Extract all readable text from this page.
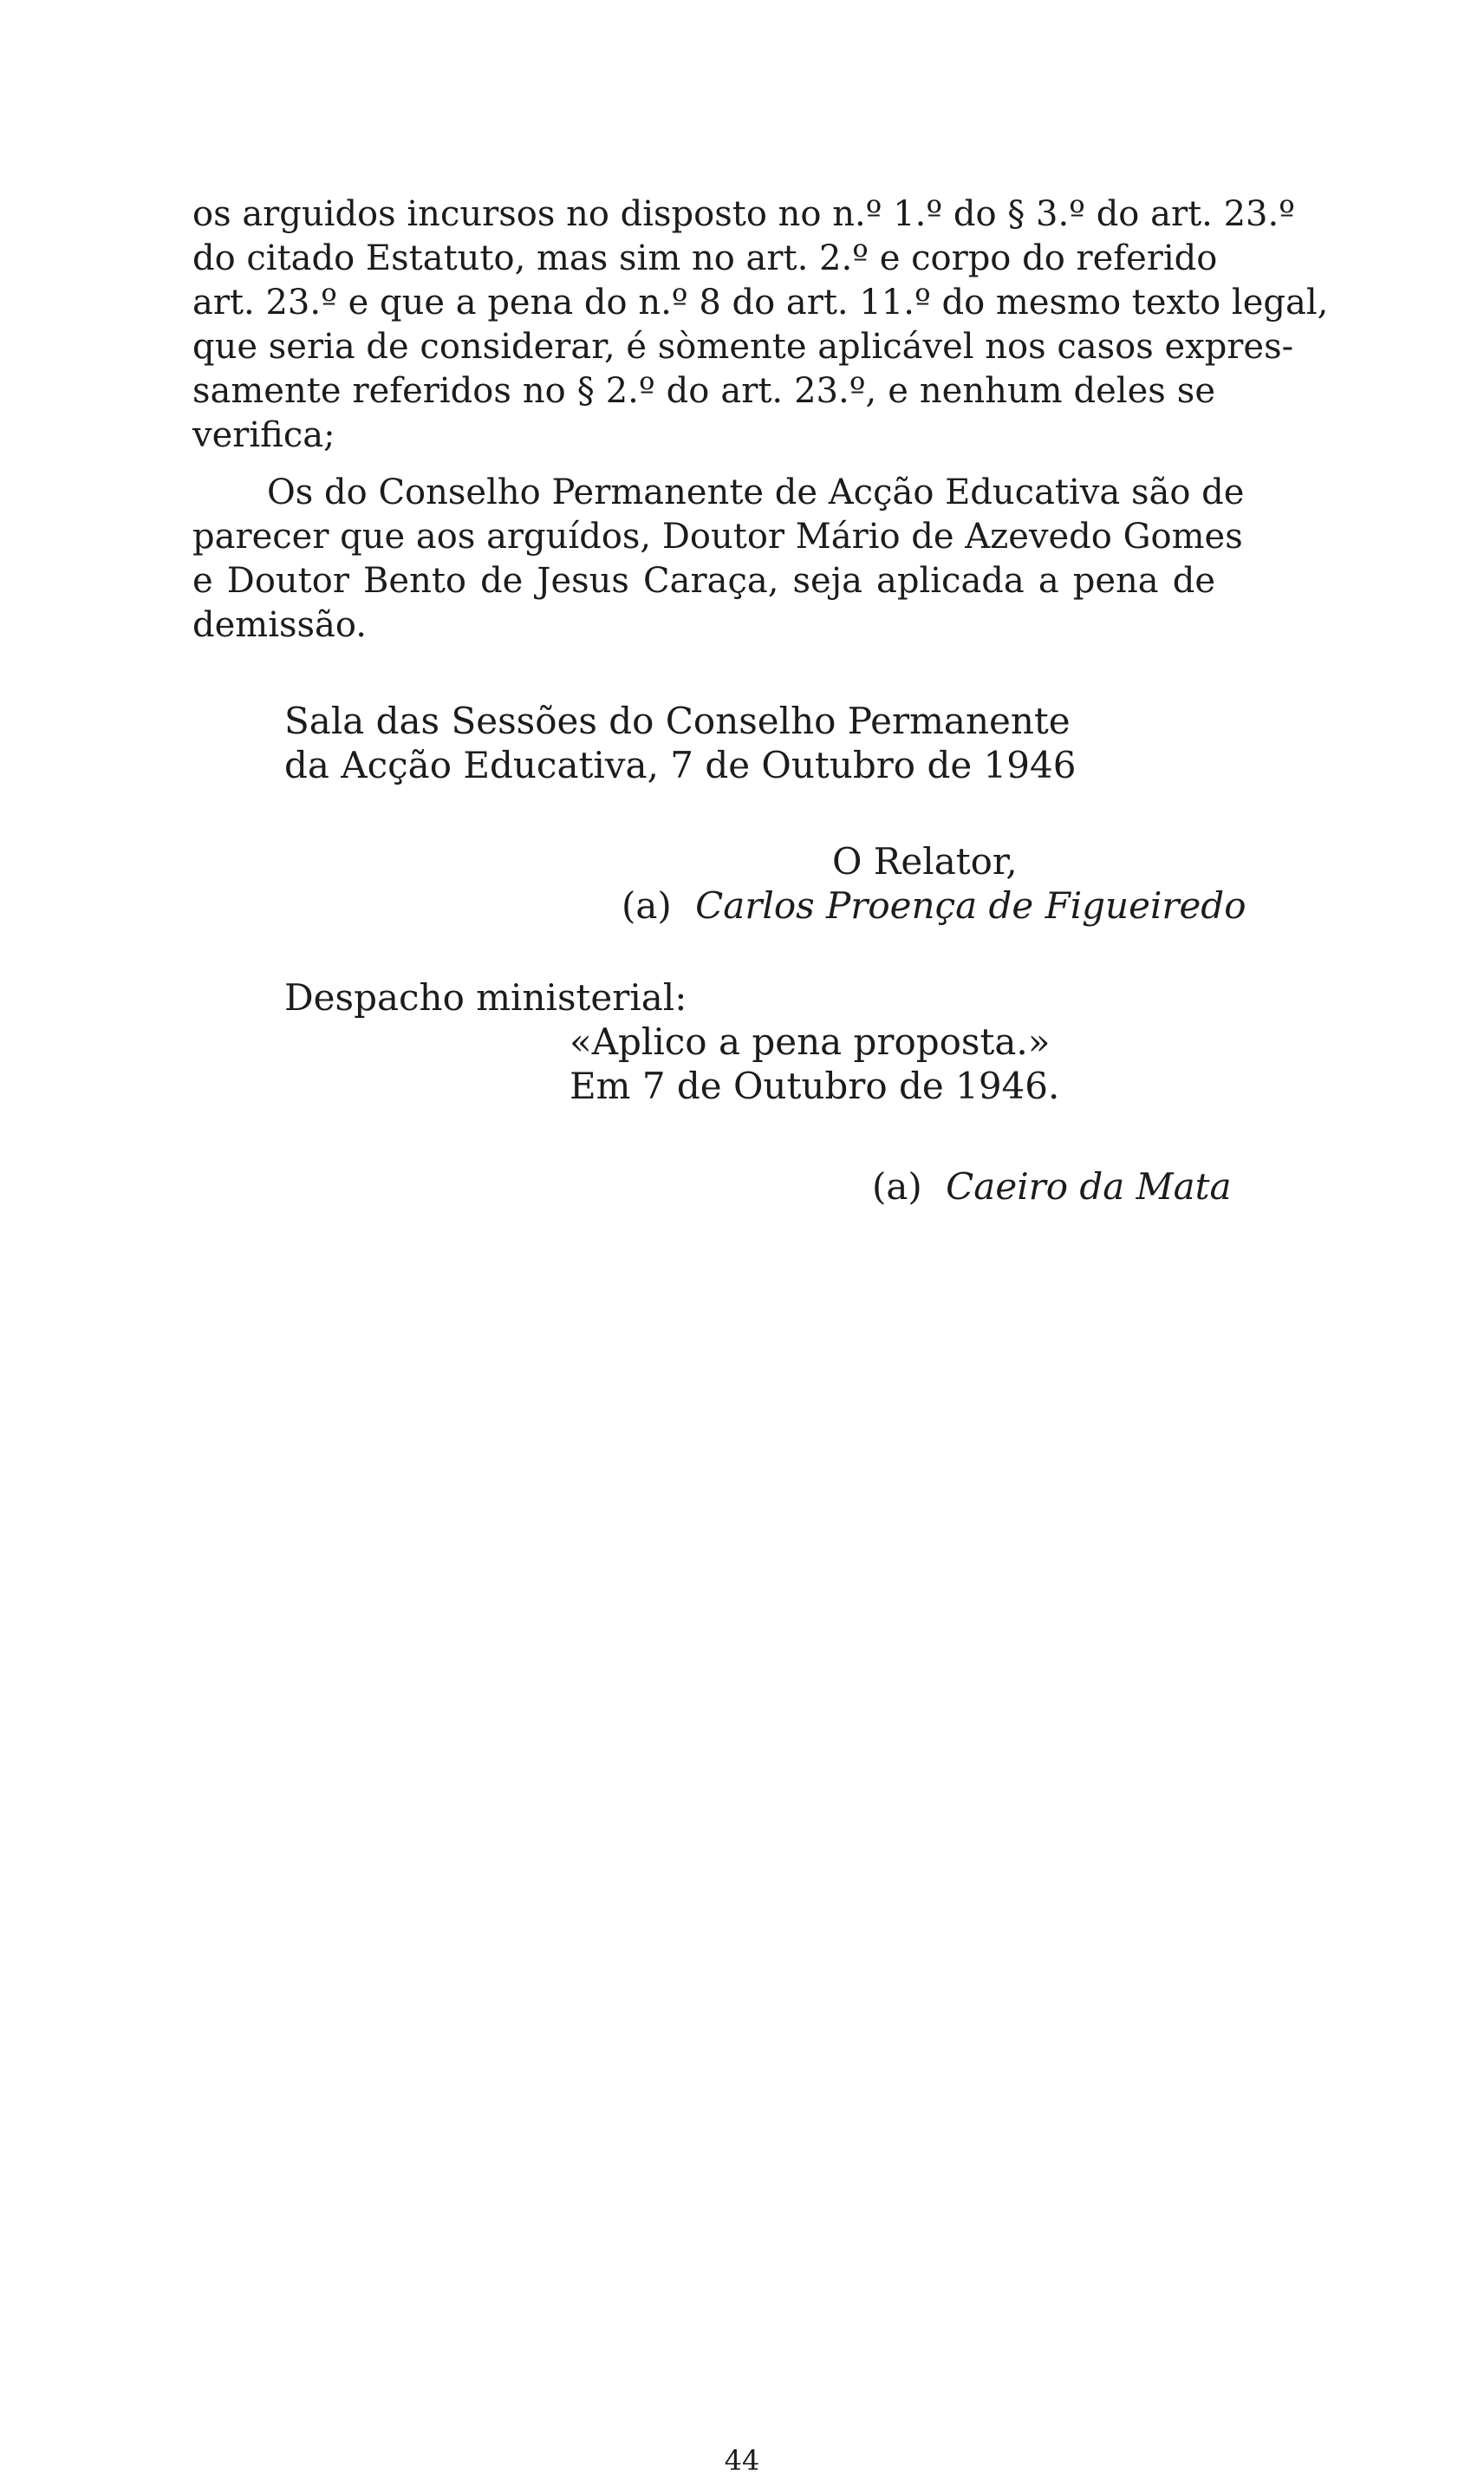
os arguidos incursos no disposto no n.º 1.º do § 3.º do art. 23.º
do citado Estatuto, mas sim no art. 2.º e corpo do referido
art. 23.º e que a pena do n.º 8 do art. 11.º do mesmo texto legal,
que seria de considerar, é sòmente aplicável nos casos expres-
samente referidos no § 2.º do art. 23.º, e nenhum deles se
verifica;
Os do Conselho Permanente de Acção Educativa são de
parecer que aos arguídos, Doutor Mário de Azevedo Gomes
e Doutor Bento de Jesus Caraça, seja aplicada a pena de
demissão.
Sala das Sessões do Conselho Permanente
da Acção Educativa, 7 de Outubro de 1946
O Relator,
(a) Carlos Proença de Figueiredo
Despacho ministerial:
«Aplico a pena proposta.»
Em 7 de Outubro de 1946.
(a) Caeiro da Mata
44
